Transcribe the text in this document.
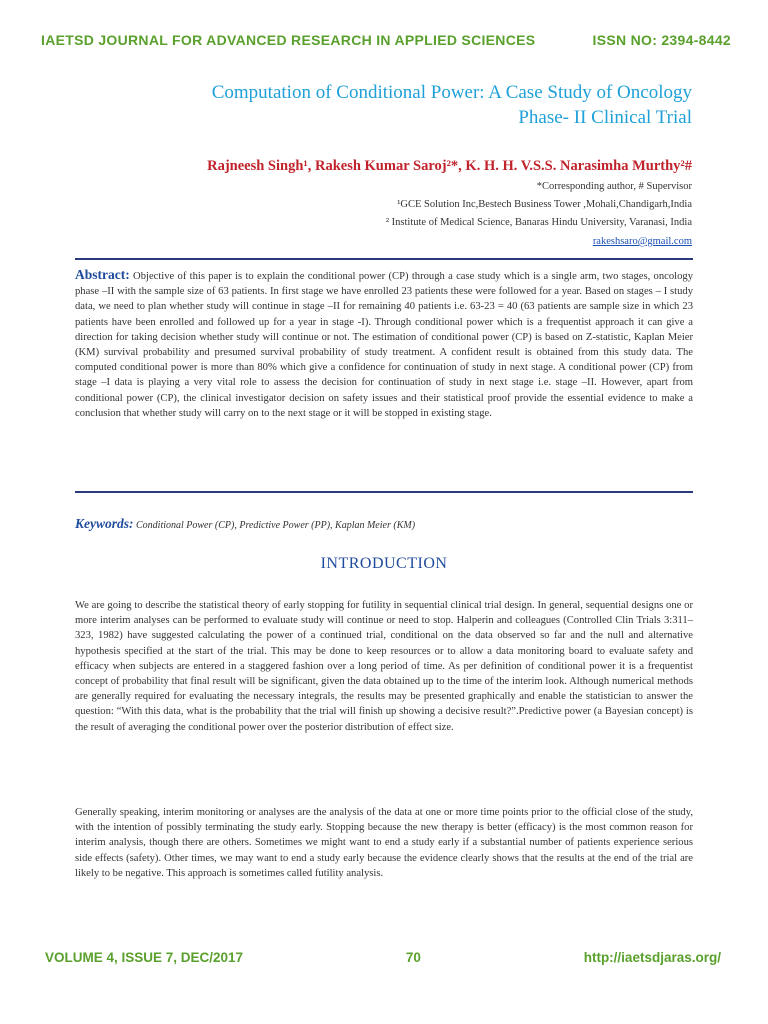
IAETSD JOURNAL FOR ADVANCED RESEARCH IN APPLIED SCIENCES	ISSN NO: 2394-8442
Computation of Conditional Power: A Case Study of Oncology
Phase- II Clinical Trial
Rajneesh Singh¹, Rakesh Kumar Saroj²*, K. H. H. V.S.S. Narasimha Murthy²#
*Corresponding author, # Supervisor
¹GCE Solution Inc,Bestech Business Tower ,Mohali,Chandigarh,India
² Institute of Medical Science, Banaras Hindu University, Varanasi, India
rakeshsaro@gmail.com
Abstract: Objective of this paper is to explain the conditional power (CP) through a case study which is a single arm, two stages, oncology phase –II with the sample size of 63 patients. In first stage we have enrolled 23 patients these were followed for a year. Based on stages – I study data, we need to plan whether study will continue in stage –II for remaining 40 patients i.e. 63-23 = 40 (63 patients are sample size in which 23 patients have been enrolled and followed up for a year in stage -I). Through conditional power which is a frequentist approach it can give a direction for taking decision whether study will continue or not. The estimation of conditional power (CP) is based on Z-statistic, Kaplan Meier (KM) survival probability and presumed survival probability of study treatment. A confident result is obtained from this study data. The computed conditional power is more than 80% which give a confidence for continuation of study in next stage. A conditional power (CP) from stage –I data is playing a very vital role to assess the decision for continuation of study in next stage i.e. stage –II. However, apart from conditional power (CP), the clinical investigator decision on safety issues and their statistical proof provide the essential evidence to make a conclusion that whether study will carry on to the next stage or it will be stopped in existing stage.
Keywords: Conditional Power (CP), Predictive Power (PP), Kaplan Meier (KM)
INTRODUCTION
We are going to describe the statistical theory of early stopping for futility in sequential clinical trial design. In general, sequential designs one or more interim analyses can be performed to evaluate study will continue or need to stop. Halperin and colleagues (Controlled Clin Trials 3:311–323, 1982) have suggested calculating the power of a continued trial, conditional on the data observed so far and the null and alternative hypothesis specified at the start of the trial. This may be done to keep resources or to allow a data monitoring board to evaluate safety and efficacy when subjects are entered in a staggered fashion over a long period of time. As per definition of conditional power it is a frequentist concept of probability that final result will be significant, given the data obtained up to the time of the interim look. Although numerical methods are generally required for evaluating the necessary integrals, the results may be presented graphically and enable the statistician to answer the question: “With this data, what is the probability that the trial will finish up showing a decisive result?”.Predictive power (a Bayesian concept) is the result of averaging the conditional power over the posterior distribution of effect size.
Generally speaking, interim monitoring or analyses are the analysis of the data at one or more time points prior to the official close of the study, with the intention of possibly terminating the study early. Stopping because the new therapy is better (efficacy) is the most common reason for interim analysis, though there are others. Sometimes we might want to end a study early if a substantial number of patients experience serious side effects (safety). Other times, we may want to end a study early because the evidence clearly shows that the results at the end of the trial are likely to be negative. This approach is sometimes called futility analysis.
VOLUME 4, ISSUE 7, DEC/2017	70	http://iaetsdjaras.org/
